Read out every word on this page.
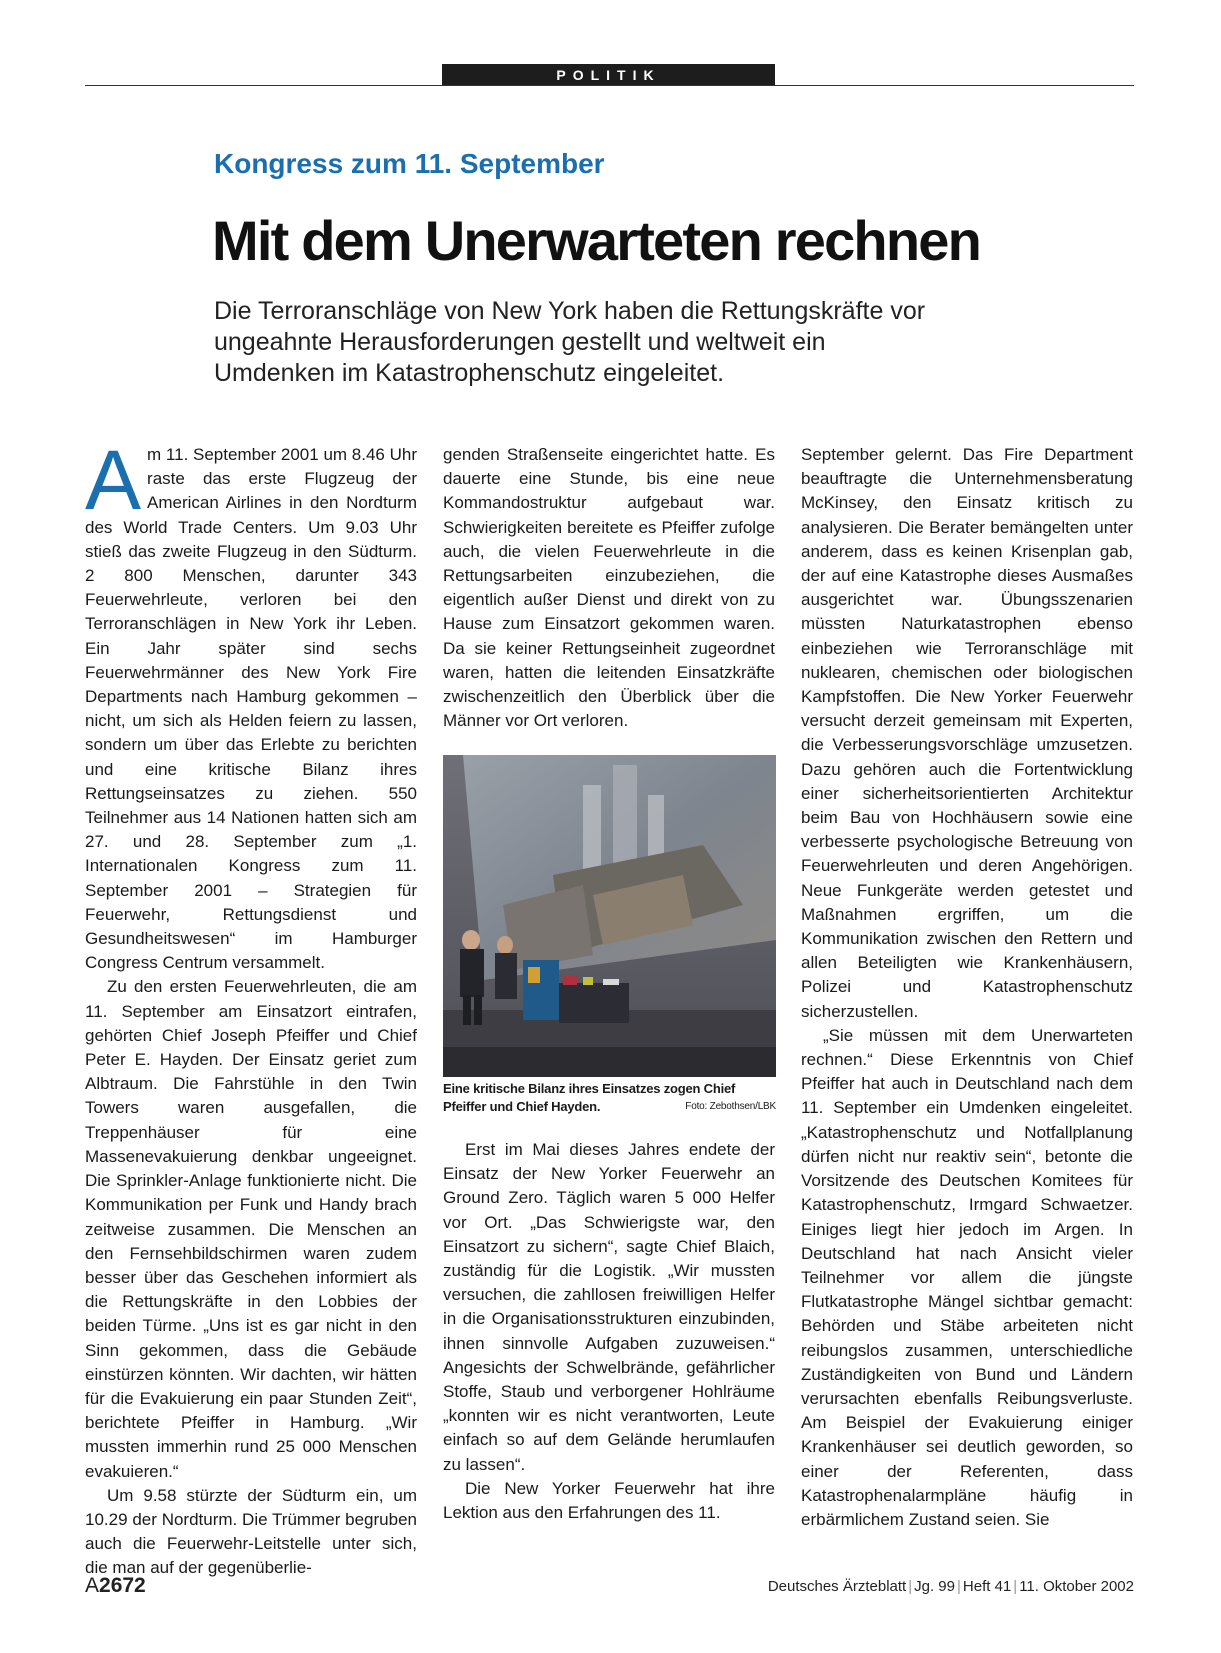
POLITIK
Kongress zum 11. September
Mit dem Unerwarteten rechnen

Die Terroranschläge von New York haben die Rettungskräfte vor ungeahnte Herausforderungen gestellt und weltweit ein Umdenken im Katastrophenschutz eingeleitet.

Am 11. September 2001 um 8.46 Uhr raste das erste Flugzeug der American Airlines in den Nordturm des World Trade Centers. Um 9.03 Uhr stieß das zweite Flugzeug in den Südturm. 2 800 Menschen, darunter 343 Feuerwehrleute, verloren bei den Terroranschlägen in New York ihr Leben. Ein Jahr später sind sechs Feuerwehrmänner des New York Fire Departments nach Hamburg gekommen – nicht, um sich als Helden feiern zu lassen, sondern um über das Erlebte zu berichten und eine kritische Bilanz ihres Rettungseinsatzes zu ziehen. 550 Teilnehmer aus 14 Nationen hatten sich am 27. und 28. September zum „1. Internationalen Kongress zum 11. September 2001 – Strategien für Feuerwehr, Rettungsdienst und Gesundheitswesen“ im Hamburger Congress Centrum versammelt.

Zu den ersten Feuerwehrleuten, die am 11. September am Einsatzort eintrafen, gehörten Chief Joseph Pfeiffer und Chief Peter E. Hayden. Der Einsatz geriet zum Albtraum. Die Fahrstühle in den Twin Towers waren ausgefallen, die Treppenhäuser für eine Massenevakuierung denkbar ungeeignet. Die Sprinkler-Anlage funktionierte nicht. Die Kommunikation per Funk und Handy brach zeitweise zusammen. Die Menschen an den Fernsehbildschirmen waren zudem besser über das Geschehen informiert als die Rettungskräfte in den Lobbies der beiden Türme. „Uns ist es gar nicht in den Sinn gekommen, dass die Gebäude einstürzen könnten. Wir dachten, wir hätten für die Evakuierung ein paar Stunden Zeit“, berichtete Pfeiffer in Hamburg. „Wir mussten immerhin rund 25 000 Menschen evakuieren.“

Um 9.58 stürzte der Südturm ein, um 10.29 der Nordturm. Die Trümmer begruben auch die Feuerwehr-Leitstelle unter sich, die man auf der gegenüberlie-

genden Straßenseite eingerichtet hatte. Es dauerte eine Stunde, bis eine neue Kommandostruktur aufgebaut war. Schwierigkeiten bereitete es Pfeiffer zufolge auch, die vielen Feuerwehrleute in die Rettungsarbeiten einzubeziehen, die eigentlich außer Dienst und direkt von zu Hause zum Einsatzort gekommen waren. Da sie keiner Rettungseinheit zugeordnet waren, hatten die leitenden Einsatzkräfte zwischenzeitlich den Überblick über die Männer vor Ort verloren.

Eine kritische Bilanz ihres Einsatzes zogen Chief Pfeiffer und Chief Hayden.	Foto: Zebothsen/LBK

Erst im Mai dieses Jahres endete der Einsatz der New Yorker Feuerwehr an Ground Zero. Täglich waren 5 000 Helfer vor Ort. „Das Schwierigste war, den Einsatzort zu sichern“, sagte Chief Blaich, zuständig für die Logistik. „Wir mussten versuchen, die zahllosen freiwilligen Helfer in die Organisationsstrukturen einzubinden, ihnen sinnvolle Aufgaben zuzuweisen.“ Angesichts der Schwelbrände, gefährlicher Stoffe, Staub und verborgener Hohlräume „konnten wir es nicht verantworten, Leute einfach so auf dem Gelände herumlaufen zu lassen“.

Die New Yorker Feuerwehr hat ihre Lektion aus den Erfahrungen des 11.

September gelernt. Das Fire Department beauftragte die Unternehmensberatung McKinsey, den Einsatz kritisch zu analysieren. Die Berater bemängelten unter anderem, dass es keinen Krisenplan gab, der auf eine Katastrophe dieses Ausmaßes ausgerichtet war. Übungsszenarien müssten Naturkatastrophen ebenso einbeziehen wie Terroranschläge mit nuklearen, chemischen oder biologischen Kampfstoffen. Die New Yorker Feuerwehr versucht derzeit gemeinsam mit Experten, die Verbesserungsvorschläge umzusetzen. Dazu gehören auch die Fortentwicklung einer sicherheitsorientierten Architektur beim Bau von Hochhäusern sowie eine verbesserte psychologische Betreuung von Feuerwehrleuten und deren Angehörigen. Neue Funkgeräte werden getestet und Maßnahmen ergriffen, um die Kommunikation zwischen den Rettern und allen Beteiligten wie Krankenhäusern, Polizei und Katastrophenschutz sicherzustellen.

„Sie müssen mit dem Unerwarteten rechnen.“ Diese Erkenntnis von Chief Pfeiffer hat auch in Deutschland nach dem 11. September ein Umdenken eingeleitet. „Katastrophenschutz und Notfallplanung dürfen nicht nur reaktiv sein“, betonte die Vorsitzende des Deutschen Komitees für Katastrophenschutz, Irmgard Schwaetzer. Einiges liegt hier jedoch im Argen. In Deutschland hat nach Ansicht vieler Teilnehmer vor allem die jüngste Flutkatastrophe Mängel sichtbar gemacht: Behörden und Stäbe arbeiteten nicht reibungslos zusammen, unterschiedliche Zuständigkeiten von Bund und Ländern verursachten ebenfalls Reibungsverluste. Am Beispiel der Evakuierung einiger Krankenhäuser sei deutlich geworden, so einer der Referenten, dass Katastrophenalarmpläne häufig in erbärmlichem Zustand seien. Sie

A2672	Deutsches Ärzteblatt | Jg. 99 | Heft 41 | 11. Oktober 2002
